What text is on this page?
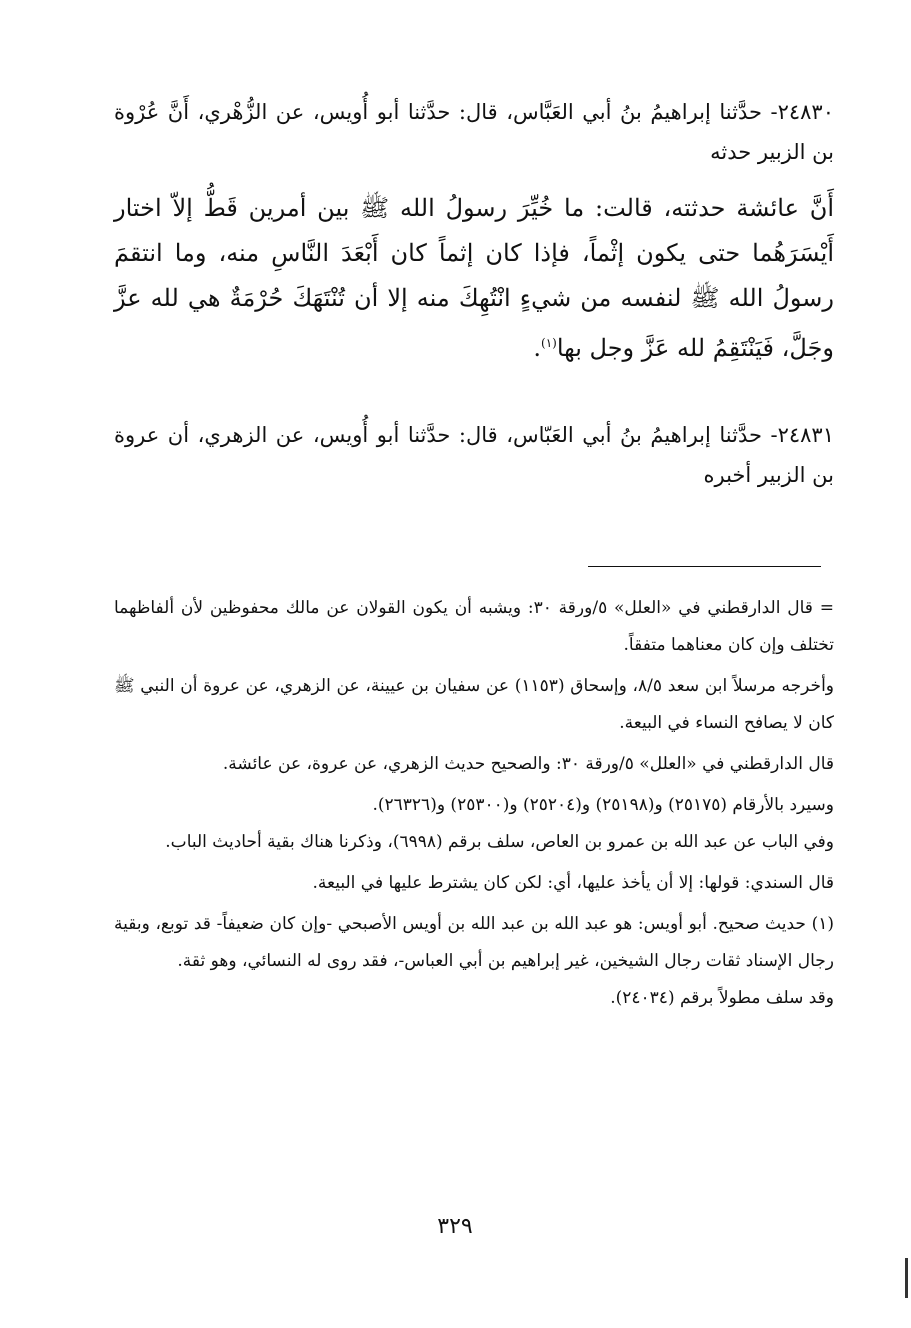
٢٤٨٣٠- حدَّثنا إبراهيمُ بنُ أبي العَبَّاس، قال: حدَّثنا أبو أُويس، عن الزُّهْري، أَنَّ عُرْوة بن الزبير حدثه

أَنَّ عائشة حدثته، قالت: ما خُيِّرَ رسولُ الله ﷺ بين أمرين قَطُّ إلاّ اختار أَيْسَرَهُما حتى يكون إثْماً، فإذا كان إثماً كان أَبْعَدَ النَّاسِ منه، وما انتقمَ رسولُ الله ﷺ لنفسه من شيءٍ انْتُهِكَ منه إلا أن تُنْتَهَكَ حُرْمَةٌ هي لله عزَّ وجَلَّ، فَيَنْتَقِمُ لله عَزَّ وجل بها$^{(١)}$.

٢٤٨٣١- حدَّثنا إبراهيمُ بنُ أبي العَبّاس، قال: حدَّثنا أبو أُويس، عن الزهري، أن عروة بن الزبير أخبره

= قال الدارقطني في «العلل» ٥/ورقة ٣٠: ويشبه أن يكون القولان عن مالك محفوظين لأن ألفاظهما تختلف وإن كان معناهما متفقاً.

وأخرجه مرسلاً ابن سعد ٨/٥، وإسحاق (١١٥٣) عن سفيان بن عيينة، عن الزهري، عن عروة أن النبي ﷺ كان لا يصافح النساء في البيعة.

قال الدارقطني في «العلل» ٥/ورقة ٣٠: والصحيح حديث الزهري، عن عروة، عن عائشة.

وسيرد بالأرقام (٢٥١٧٥) و(٢٥١٩٨) و(٢٥٢٠٤) و(٢٥٣٠٠) و(٢٦٣٢٦).

وفي الباب عن عبد الله بن عمرو بن العاص، سلف برقم (٦٩٩٨)، وذكرنا هناك بقية أحاديث الباب.

قال السندي: قولها: إلا أن يأخذ عليها، أي: لكن كان يشترط عليها في البيعة.

(١) حديث صحيح. أبو أويس: هو عبد الله بن عبد الله بن أويس الأصبحي -وإن كان ضعيفاً- قد توبع، وبقية رجال الإسناد ثقات رجال الشيخين، غير إبراهيم بن أبي العباس-، فقد روى له النسائي، وهو ثقة.

وقد سلف مطولاً برقم (٢٤٠٣٤).

٣٢٩
